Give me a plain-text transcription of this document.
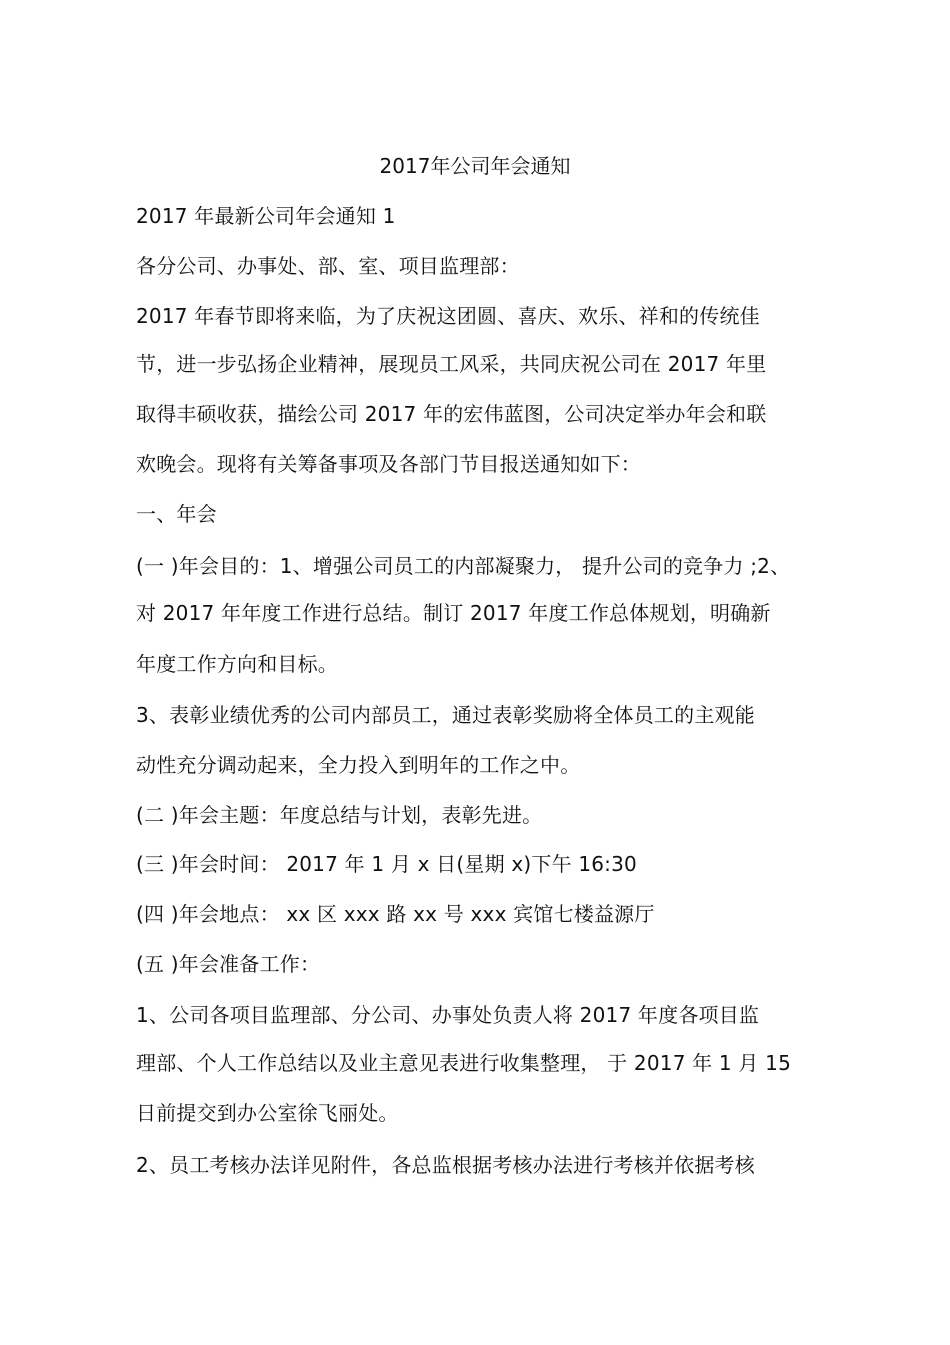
2017年公司年会通知
2017 年最新公司年会通知 1
各分公司、办事处、部、室、项目监理部：
2017 年春节即将来临，为了庆祝这团圆、喜庆、欢乐、祥和的传统佳
节，进一步弘扬企业精神，展现员工风采，共同庆祝公司在 2017 年里
取得丰硕收获，描绘公司 2017 年的宏伟蓝图，公司决定举办年会和联
欢晚会。现将有关筹备事项及各部门节目报送通知如下：
一、年会
(一 )年会目的：1、增强公司员工的内部凝聚力， 提升公司的竞争力 ;2、
对 2017 年年度工作进行总结。制订 2017 年度工作总体规划，明确新
年度工作方向和目标。
3、表彰业绩优秀的公司内部员工，通过表彰奖励将全体员工的主观能
动性充分调动起来，全力投入到明年的工作之中。
(二 )年会主题：年度总结与计划，表彰先进。
(三 )年会时间： 2017 年 1 月 x 日(星期 x)下午 16:30
(四 )年会地点： xx 区 xxx 路 xx 号 xxx 宾馆七楼益源厅
(五 )年会准备工作：
1、公司各项目监理部、分公司、办事处负责人将 2017 年度各项目监
理部、个人工作总结以及业主意见表进行收集整理， 于 2017 年 1 月 15
日前提交到办公室徐飞丽处。
2、员工考核办法详见附件，各总监根据考核办法进行考核并依据考核
